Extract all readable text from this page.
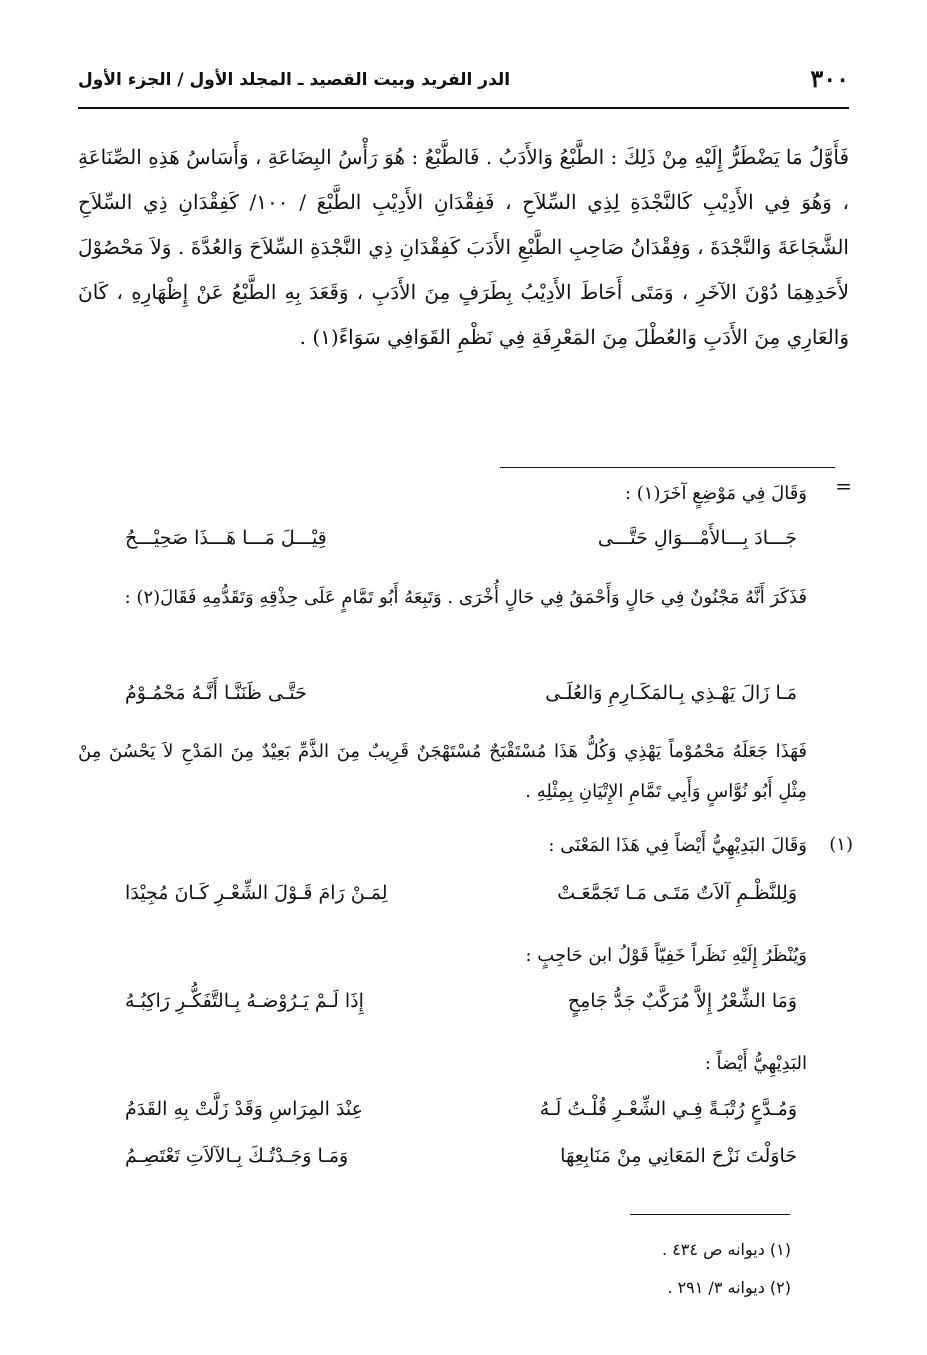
٣٠٠
الدر الفريد وبيت القصيد ـ المجلد الأول / الجزء الأول

فَأَوَّلُ مَا يَضْطَرُّ إِلَيْهِ مِنْ ذَلِكَ : الطَّبْعُ وَالأَدَبُ . فَالطَّبْعُ : هُوَ رَأْسُ البِضَاعَةِ ، وَأَسَاسُ هَذِهِ الصِّنَاعَةِ ، وَهُوَ فِي الأَدِيْبِ كَالنَّجْدَةِ لِذِي السِّلاَحِ ، فَفِقْدَانِ الأَدِيْبِ الطَّبْعَ / ١٠٠/ كَفِقْدَانِ ذِي السِّلاَحِ الشَّجَاعَةَ وَالنَّجْدَةَ ، وَفِقْدَانُ صَاحِبِ الطَّبْعِ الأَدَبَ كَفِقْدَانِ ذِي النَّجْدَةِ السِّلاَحَ وَالعُدَّةَ . وَلاَ مَحْصُوْلَ لأَحَدِهِمَا دُوْنَ الآخَرِ ، وَمَتَى أَحَاطَ الأَدِيْبُ بِطَرَفٍ مِنَ الأَدَبِ ، وَقَعَدَ بِهِ الطَّبْعُ عَنْ إِظْهَارِهِ ، كَانَ وَالعَارِي مِنَ الأَدَبِ وَالعُطْلَ مِنَ المَعْرِفَةِ فِي نَظْمِ القَوَافِي سَوَاءً(١) .

=
وَقَالَ فِي مَوْضِعٍ آخَرَ(١) :
جَـــادَ بِـــالأَمْـــوَالِ حَتَّـــى
قِيْـــلَ مَـــا هَـــذَا صَحِيْـــحُ
فَذَكَرَ أَنَّهُ مَجْنُونٌ فِي حَالٍ وَأَحْمَقُ فِي حَالٍ أُخْرَى . وَتَبِعَهُ أَبُو تَمَّامٍ عَلَى حِذْقِهِ وَتَقَدُّمِهِ فَقَالَ(٢) :
مَـا زَالَ يَهْـذِي بِـالمَكَـارِمِ وَالعُلَـى
حَتَّـى ظَنَنَّـا أَنَّـهُ مَحْمُـوْمُ
فَهَذَا جَعَلَهُ مَحْمُوْماً يَهْذِي وَكُلُّ هَذَا مُسْتَقْبَحٌ مُسْتَهْجَنٌ قَرِيبٌ مِنَ الذَّمِّ بَعِيْدٌ مِنَ المَدْحِ لاَ يَحْسُنَ مِنْ مِثْلِ أَبُو نُوَّاسٍ وَأَبِي تَمَّامِ الإِتْيَانِ بِمِثْلِهِ .
(١)
وَقَالَ البَدِيْهِيُّ أَيْضاً فِي هَذَا المَعْنَى :
وَلِلنَّظْـمِ آلاَتٌ مَتَـى مَـا تَجَمَّعَـتْ
لِمَـنْ رَامَ قَـوْلَ الشِّعْـرِ كَـانَ مُجِيْدَا
وَيُنْظَرُ إِلَيْهِ نَظَراً خَفِيّاً قَوْلُ ابن حَاجِبٍ :
وَمَا الشِّعْرُ إِلاَّ مُرَكَّبٌ جَدُّ جَامِحٍ
إِذَا لَـمْ يَـرُوْضـهُ بِـالتَّفَكُّـرِ رَاكِبُـهُ
البَدِيْهِيُّ أَيْضاً :
وَمُـدَّعٍ رُتْبَـةً فِـي الشِّعْـرِ قُلْـتُ لَـهُ
عِنْدَ المِرَاسِ وَقَدْ زَلَّتْ بِهِ القَدَمُ
حَاوَلْتَ نَزْحَ المَعَانِي مِنْ مَنَابِعِهَا
وَمَـا وَجَـدْتُـكَ بِـالآلاَتِ تَعْتَصِـمُ
(١) ديوانه ص ٤٣٤ .
(٢) ديوانه ٣/ ٢٩١ .
